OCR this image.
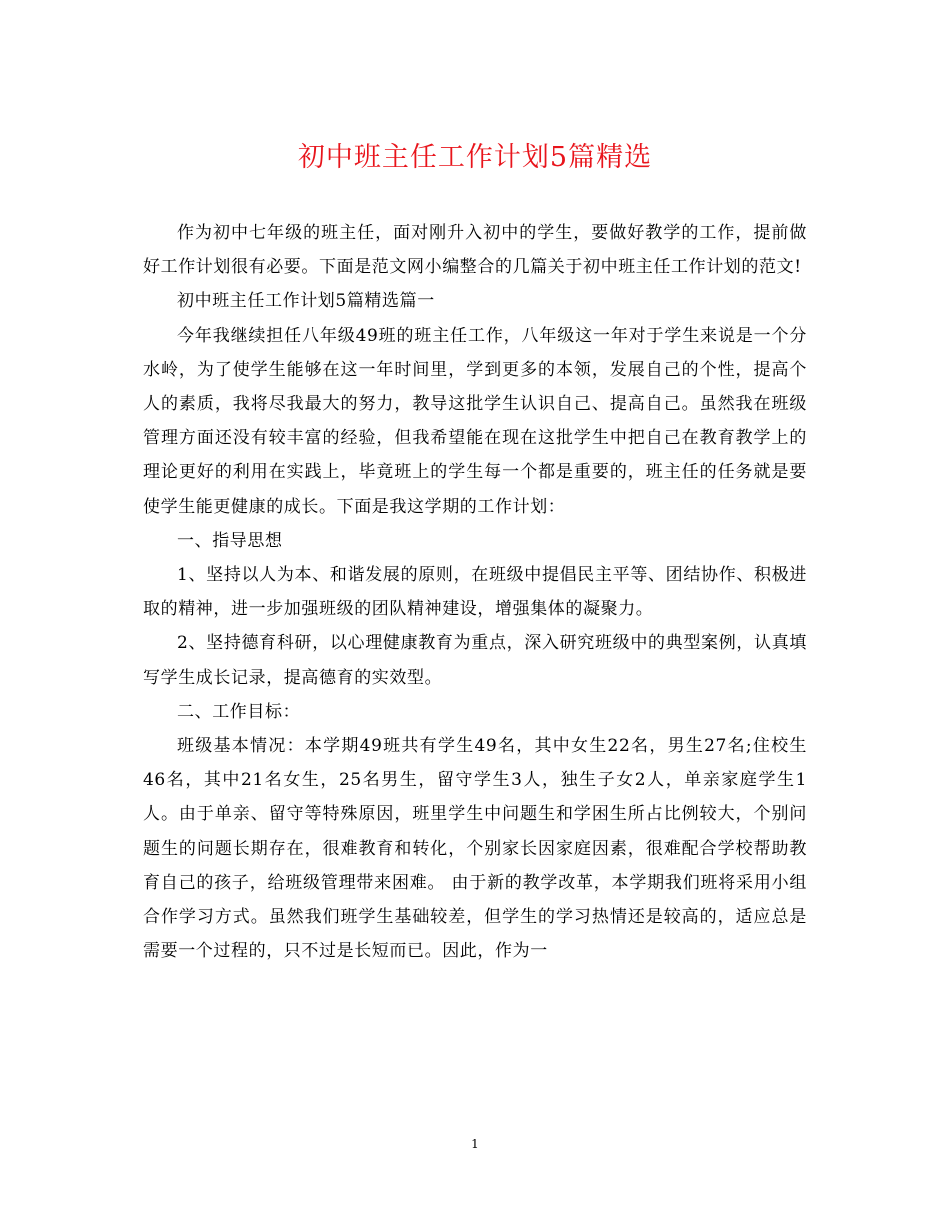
初中班主任工作计划5篇精选

作为初中七年级的班主任，面对刚升入初中的学生，要做好教学的工作，提前做好工作计划很有必要。下面是范文网小编整合的几篇关于初中班主任工作计划的范文!

初中班主任工作计划5篇精选篇一

今年我继续担任八年级49班的班主任工作，八年级这一年对于学生来说是一个分水岭，为了使学生能够在这一年时间里，学到更多的本领，发展自己的个性，提高个人的素质，我将尽我最大的努力，教导这批学生认识自己、提高自己。虽然我在班级管理方面还没有较丰富的经验，但我希望能在现在这批学生中把自己在教育教学上的理论更好的利用在实践上，毕竟班上的学生每一个都是重要的，班主任的任务就是要使学生能更健康的成长。下面是我这学期的工作计划：

一、指导思想

1、坚持以人为本、和谐发展的原则，在班级中提倡民主平等、团结协作、积极进取的精神，进一步加强班级的团队精神建设，增强集体的凝聚力。

2、坚持德育科研，以心理健康教育为重点，深入研究班级中的典型案例，认真填写学生成长记录，提高德育的实效型。

二、工作目标：

班级基本情况：本学期49班共有学生49名，其中女生22名，男生27名;住校生46名，其中21名女生，25名男生，留守学生3人，独生子女2人，单亲家庭学生1人。由于单亲、留守等特殊原因，班里学生中问题生和学困生所占比例较大，个别问题生的问题长期存在，很难教育和转化，个别家长因家庭因素，很难配合学校帮助教育自己的孩子，给班级管理带来困难。 由于新的教学改革，本学期我们班将采用小组合作学习方式。虽然我们班学生基础较差，但学生的学习热情还是较高的，适应总是需要一个过程的，只不过是长短而已。因此，作为一

1
